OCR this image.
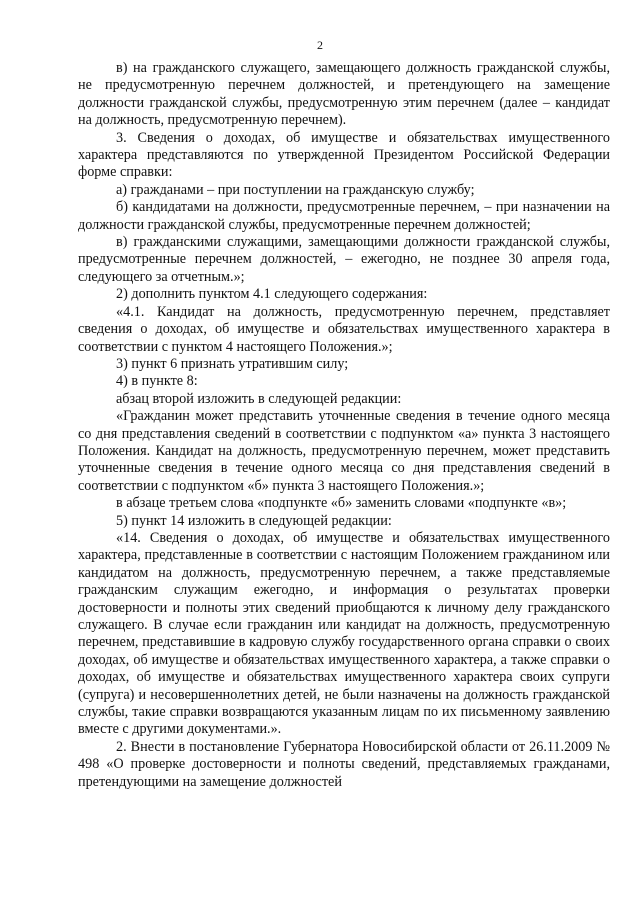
2

в) на гражданского служащего, замещающего должность гражданской службы, не предусмотренную перечнем должностей, и претендующего на замещение должности гражданской службы, предусмотренную этим перечнем (далее – кандидат на должность, предусмотренную перечнем).

3. Сведения о доходах, об имуществе и обязательствах имущественного характера представляются по утвержденной Президентом Российской Федерации форме справки:

а) гражданами – при поступлении на гражданскую службу;

б) кандидатами на должности, предусмотренные перечнем, – при назначении на должности гражданской службы, предусмотренные перечнем должностей;

в) гражданскими служащими, замещающими должности гражданской службы, предусмотренные перечнем должностей, – ежегодно, не позднее 30 апреля года, следующего за отчетным.»;

2) дополнить пунктом 4.1 следующего содержания:

«4.1. Кандидат на должность, предусмотренную перечнем, представляет сведения о доходах, об имуществе и обязательствах имущественного характера в соответствии с пунктом 4 настоящего Положения.»;

3) пункт 6 признать утратившим силу;

4) в пункте 8:

абзац второй изложить в следующей редакции:

«Гражданин может представить уточненные сведения в течение одного месяца со дня представления сведений в соответствии с подпунктом «а» пункта 3 настоящего Положения. Кандидат на должность, предусмотренную перечнем, может представить уточненные сведения в течение одного месяца со дня представления сведений в соответствии с подпунктом «б» пункта 3 настоящего Положения.»;

в абзаце третьем слова «подпункте «б» заменить словами «подпункте «в»;

5) пункт 14 изложить в следующей редакции:

«14. Сведения о доходах, об имуществе и обязательствах имущественного характера, представленные в соответствии с настоящим Положением гражданином или кандидатом на должность, предусмотренную перечнем, а также представляемые гражданским служащим ежегодно, и информация о результатах проверки достоверности и полноты этих сведений приобщаются к личному делу гражданского служащего. В случае если гражданин или кандидат на должность, предусмотренную перечнем, представившие в кадровую службу государственного органа справки о своих доходах, об имуществе и обязательствах имущественного характера, а также справки о доходах, об имуществе и обязательствах имущественного характера своих супруги (супруга) и несовершеннолетних детей, не были назначены на должность гражданской службы, такие справки возвращаются указанным лицам по их письменному заявлению вместе с другими документами.».

2. Внести в постановление Губернатора Новосибирской области от 26.11.2009 № 498 «О проверке достоверности и полноты сведений, представляемых гражданами, претендующими на замещение должностей
